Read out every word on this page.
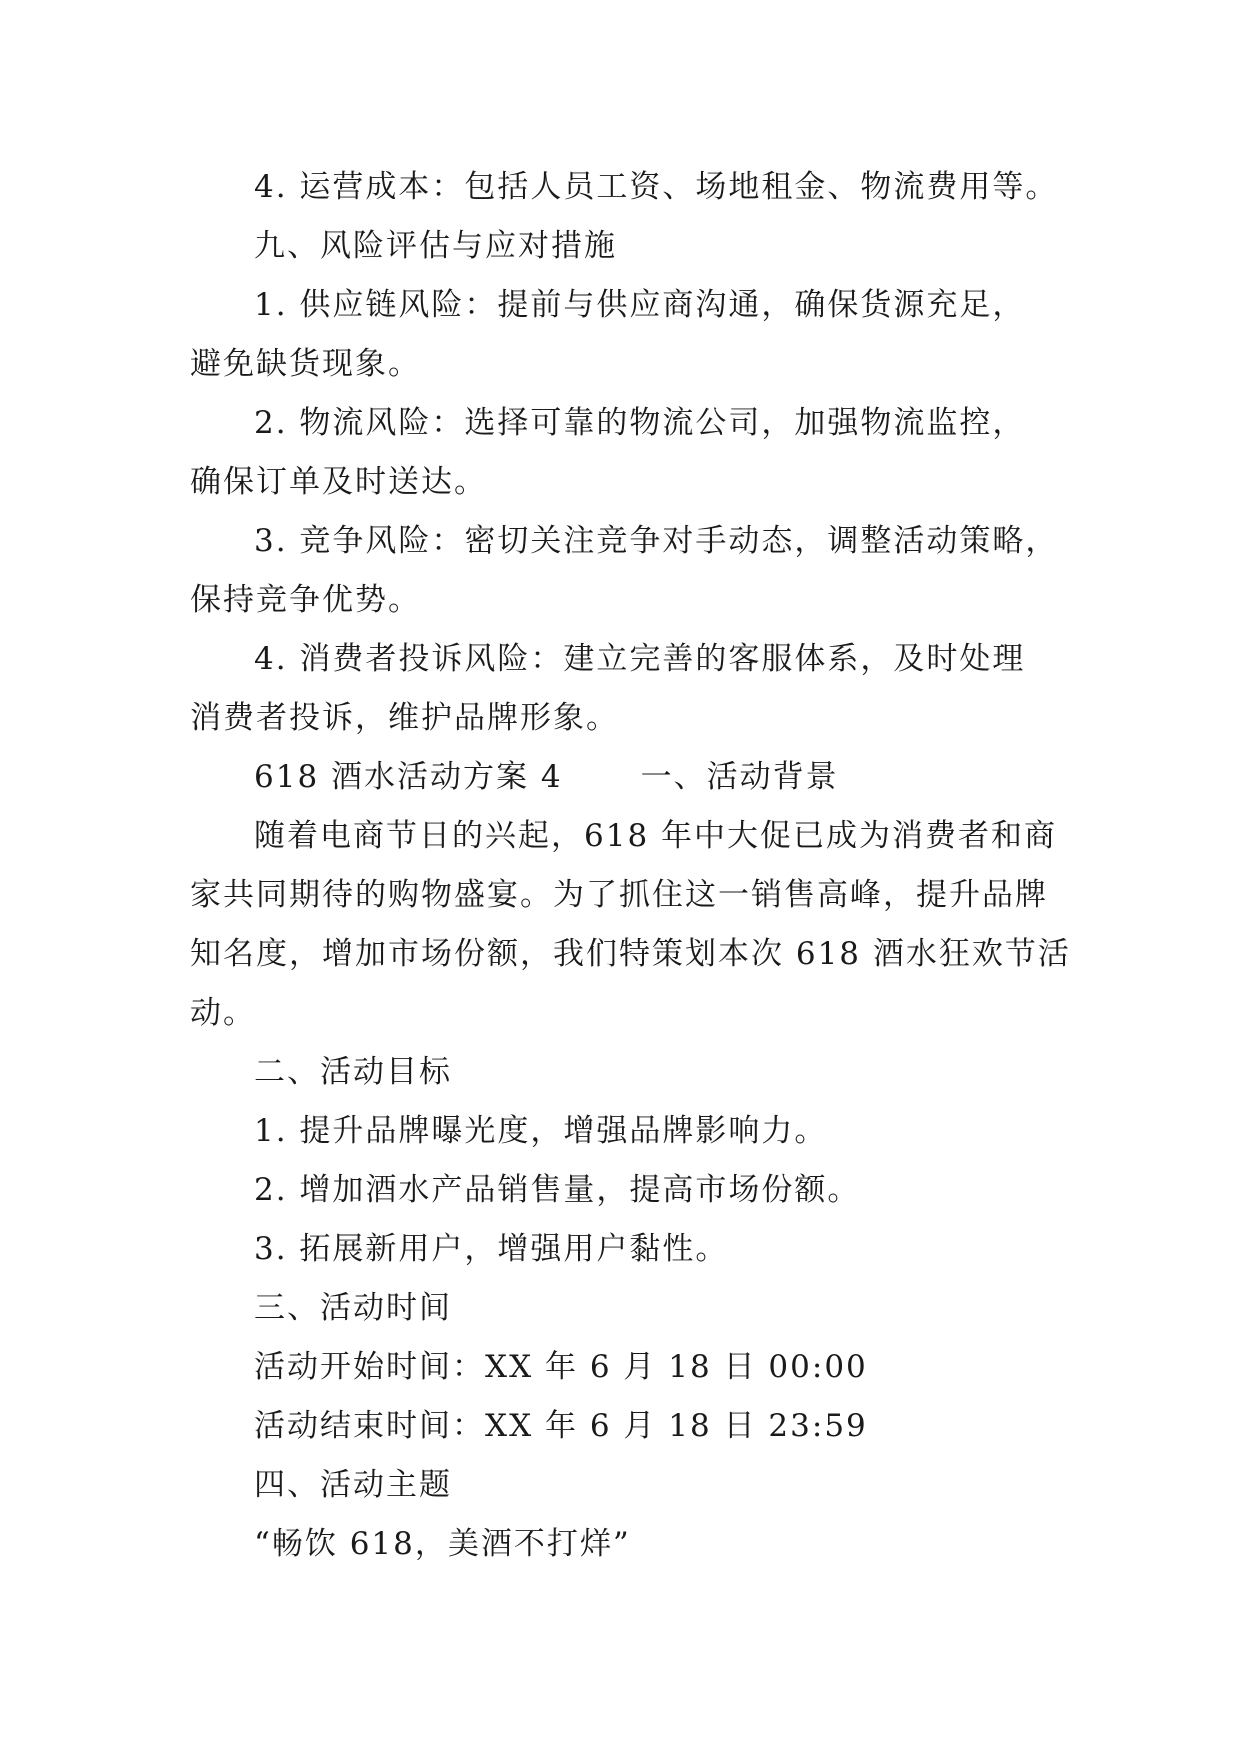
4. 运营成本：包括人员工资、场地租金、物流费用等。
九、风险评估与应对措施
1. 供应链风险：提前与供应商沟通，确保货源充足，
避免缺货现象。
2. 物流风险：选择可靠的物流公司，加强物流监控，
确保订单及时送达。
3. 竞争风险：密切关注竞争对手动态，调整活动策略，
保持竞争优势。
4. 消费者投诉风险：建立完善的客服体系，及时处理
消费者投诉，维护品牌形象。
618 酒水活动方案 4	一、活动背景
随着电商节日的兴起，618 年中大促已成为消费者和商
家共同期待的购物盛宴。为了抓住这一销售高峰，提升品牌
知名度，增加市场份额，我们特策划本次 618 酒水狂欢节活
动。
二、活动目标
1. 提升品牌曝光度，增强品牌影响力。
2. 增加酒水产品销售量，提高市场份额。
3. 拓展新用户，增强用户黏性。
三、活动时间
活动开始时间：XX 年 6 月 18 日 00:00
活动结束时间：XX 年 6 月 18 日 23:59
四、活动主题
“畅饮 618，美酒不打烊”
